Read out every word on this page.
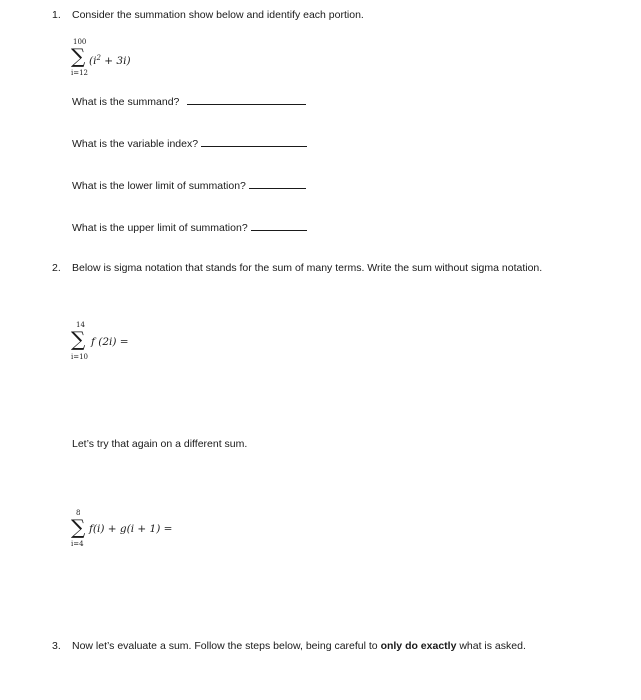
1. Consider the summation show below and identify each portion.
100
∑ $(i^2 + 3i)$
i=12
What is the summand?
What is the variable index?
What is the lower limit of summation?
What is the upper limit of summation?
2. Below is sigma notation that stands for the sum of many terms. Write the sum without sigma notation.
14
∑ f (2i) =
i=10
Let’s try that again on a different sum.
8
∑ f(i) + g(i + 1) =
i=4
3. Now let’s evaluate a sum. Follow the steps below, being careful to only do exactly what is asked.
